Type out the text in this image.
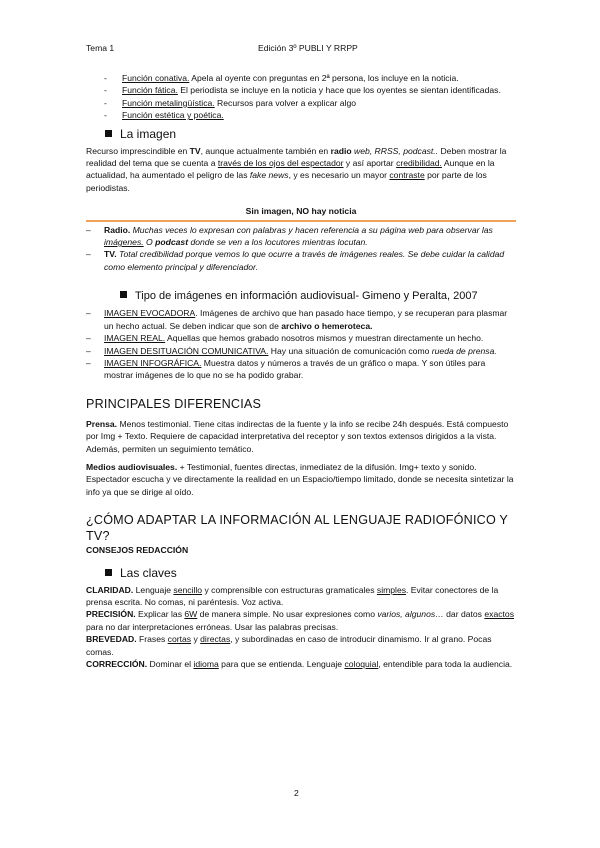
Tema 1	Edición 3º PUBLI Y RRPP
- Función conativa. Apela al oyente con preguntas en 2ª persona, los incluye en la noticia.
- Función fática. El periodista se incluye en la noticia y hace que los oyentes se sientan identificadas.
- Función metalingüística. Recursos para volver a explicar algo
- Función estética y poética.
La imagen

Recurso imprescindible en TV, aunque actualmente también en radio web, RRSS, podcast.. Deben mostrar la realidad del tema que se cuenta a través de los ojos del espectador y así aportar credibilidad. Aunque en la actualidad, ha aumentado el peligro de las fake news, y es necesario un mayor contraste por parte de los periodistas.

Sin imagen, NO hay noticia

– Radio. Muchas veces lo expresan con palabras y hacen referencia a su página web para observar las imágenes. O podcast donde se ven a los locutores mientras locutan.
– TV. Total credibilidad porque vemos lo que ocurre a través de imágenes reales. Se debe cuidar la calidad como elemento principal y diferenciador.
Tipo de imágenes en información audiovisual- Gimeno y Peralta, 2007
– IMAGEN EVOCADORA. Imágenes de archivo que han pasado hace tiempo, y se recuperan para plasmar un hecho actual. Se deben indicar que son de archivo o hemeroteca.
– IMAGEN REAL. Aquellas que hemos grabado nosotros mismos y muestran directamente un hecho.
– IMAGEN DESITUACIÓN COMUNICATIVA. Hay una situación de comunicación como rueda de prensa.
– IMAGEN INFOGRÁFICA. Muestra datos y números a través de un gráfico o mapa. Y son útiles para mostrar imágenes de lo que no se ha podido grabar.

PRINCIPALES DIFERENCIAS

Prensa. Menos testimonial. Tiene citas indirectas de la fuente y la info se recibe 24h después. Está compuesto por Img + Texto. Requiere de capacidad interpretativa del receptor y son textos extensos dirigidos a la vista. Además, permiten un seguimiento temático.

Medios audiovisuales. + Testimonial, fuentes directas, inmediatez de la difusión. Img+ texto y sonido. Espectador escucha y ve directamente la realidad en un Espacio/tiempo limitado, donde se necesita sintetizar la info ya que se dirige al oído.

¿CÓMO ADAPTAR LA INFORMACIÓN AL LENGUAJE RADIOFÓNICO Y TV?

CONSEJOS REDACCIÓN

Las claves

CLARIDAD. Lenguaje sencillo y comprensible con estructuras gramaticales simples. Evitar conectores de la prensa escrita. No comas, ni paréntesis. Voz activa.

PRECISIÓN. Explicar las 6W de manera simple. No usar expresiones como varios, algunos… dar datos exactos para no dar interpretaciones erróneas. Usar las palabras precisas.

BREVEDAD. Frases cortas y directas, y subordinadas en caso de introducir dinamismo. Ir al grano. Pocas comas.

CORRECCIÓN. Dominar el idioma para que se entienda. Lenguaje coloquial, entendible para toda la audiencia.

2
